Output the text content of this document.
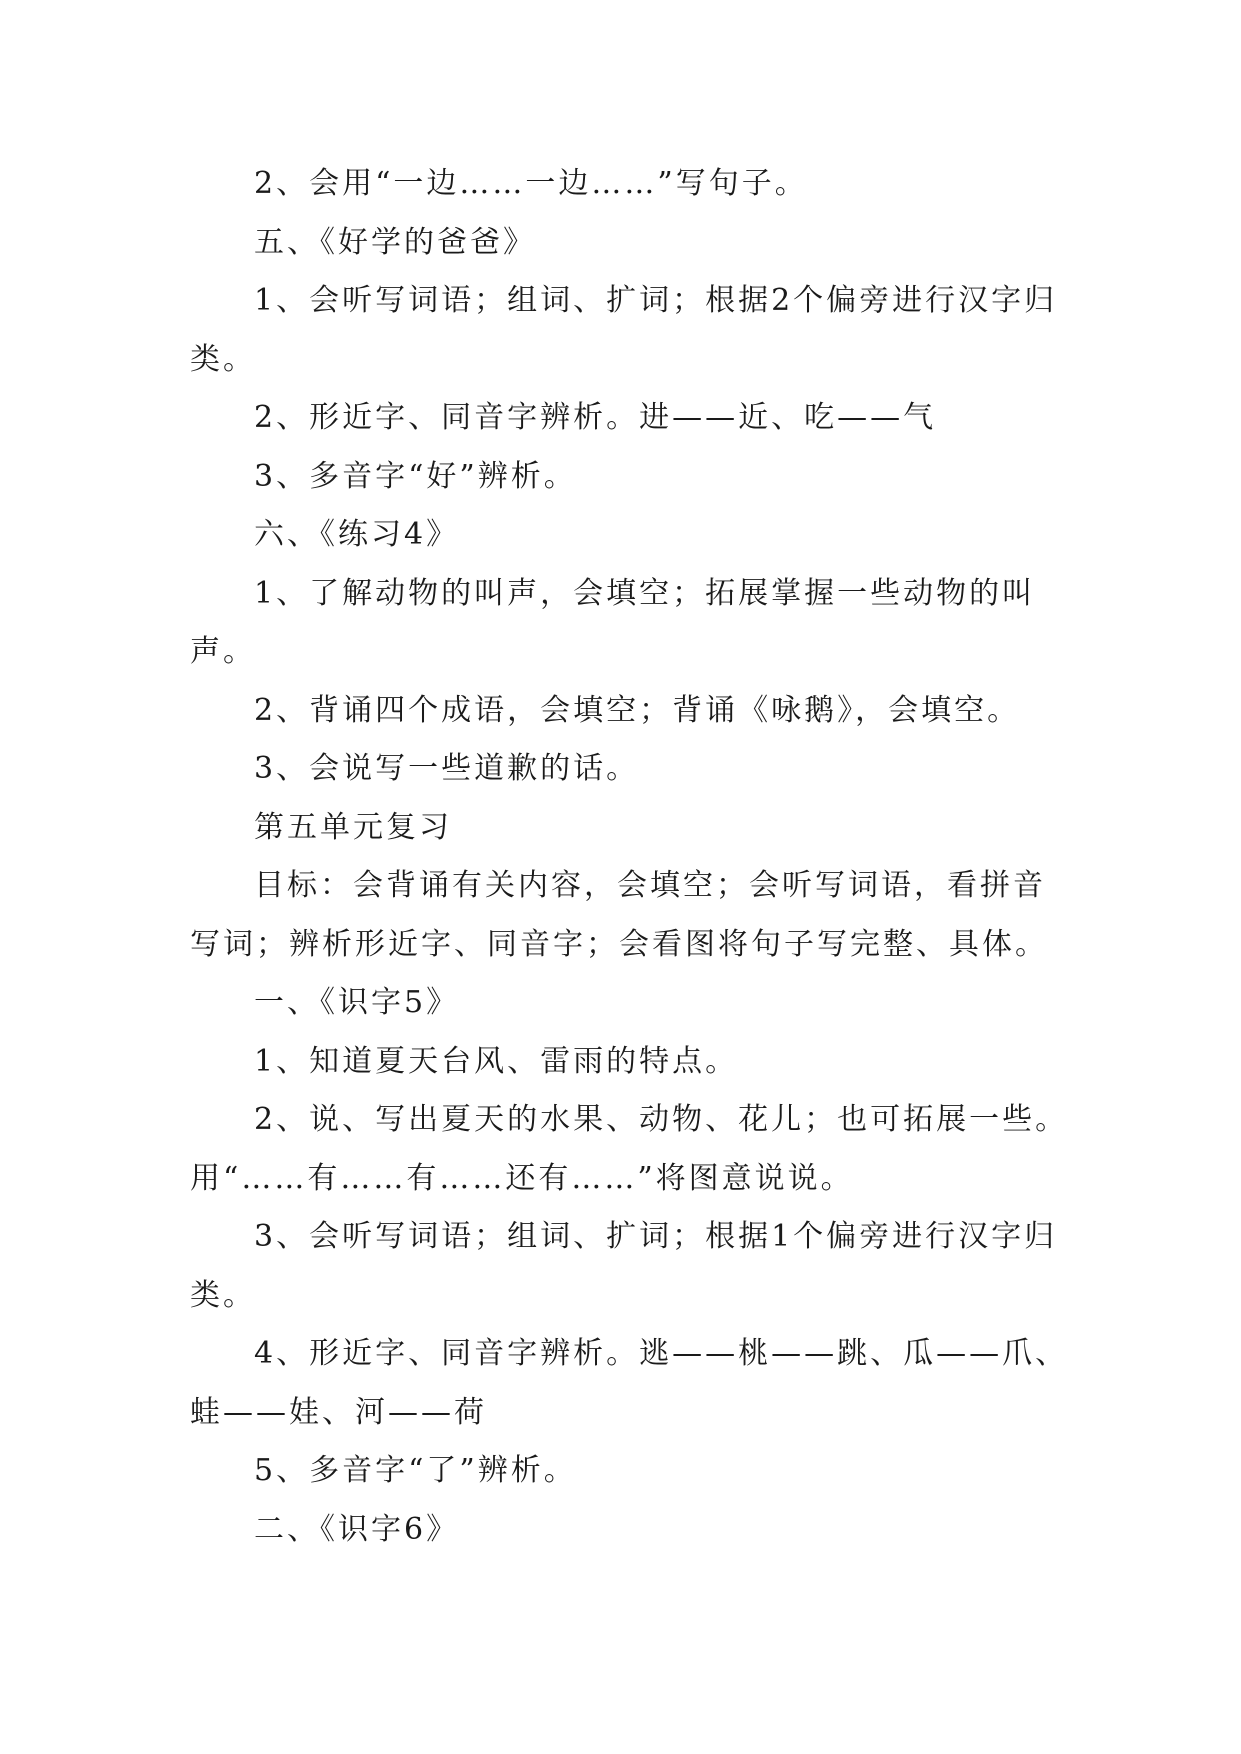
2、会用“一边……一边……”写句子。

五、《好学的爸爸》

1、会听写词语；组词、扩词；根据2个偏旁进行汉字归类。

2、形近字、同音字辨析。进——近、吃——气

3、多音字“好”辨析。

六、《练习4》

1、了解动物的叫声，会填空；拓展掌握一些动物的叫声。

2、背诵四个成语，会填空；背诵《咏鹅》，会填空。

3、会说写一些道歉的话。

第五单元复习

目标：会背诵有关内容，会填空；会听写词语，看拼音写词；辨析形近字、同音字；会看图将句子写完整、具体。

一、《识字5》

1、知道夏天台风、雷雨的特点。

2、说、写出夏天的水果、动物、花儿；也可拓展一些。用“……有……有……还有……”将图意说说。

3、会听写词语；组词、扩词；根据1个偏旁进行汉字归类。

4、形近字、同音字辨析。逃——桃——跳、瓜——爪、蛙——娃、河——荷

5、多音字“了”辨析。

二、《识字6》
